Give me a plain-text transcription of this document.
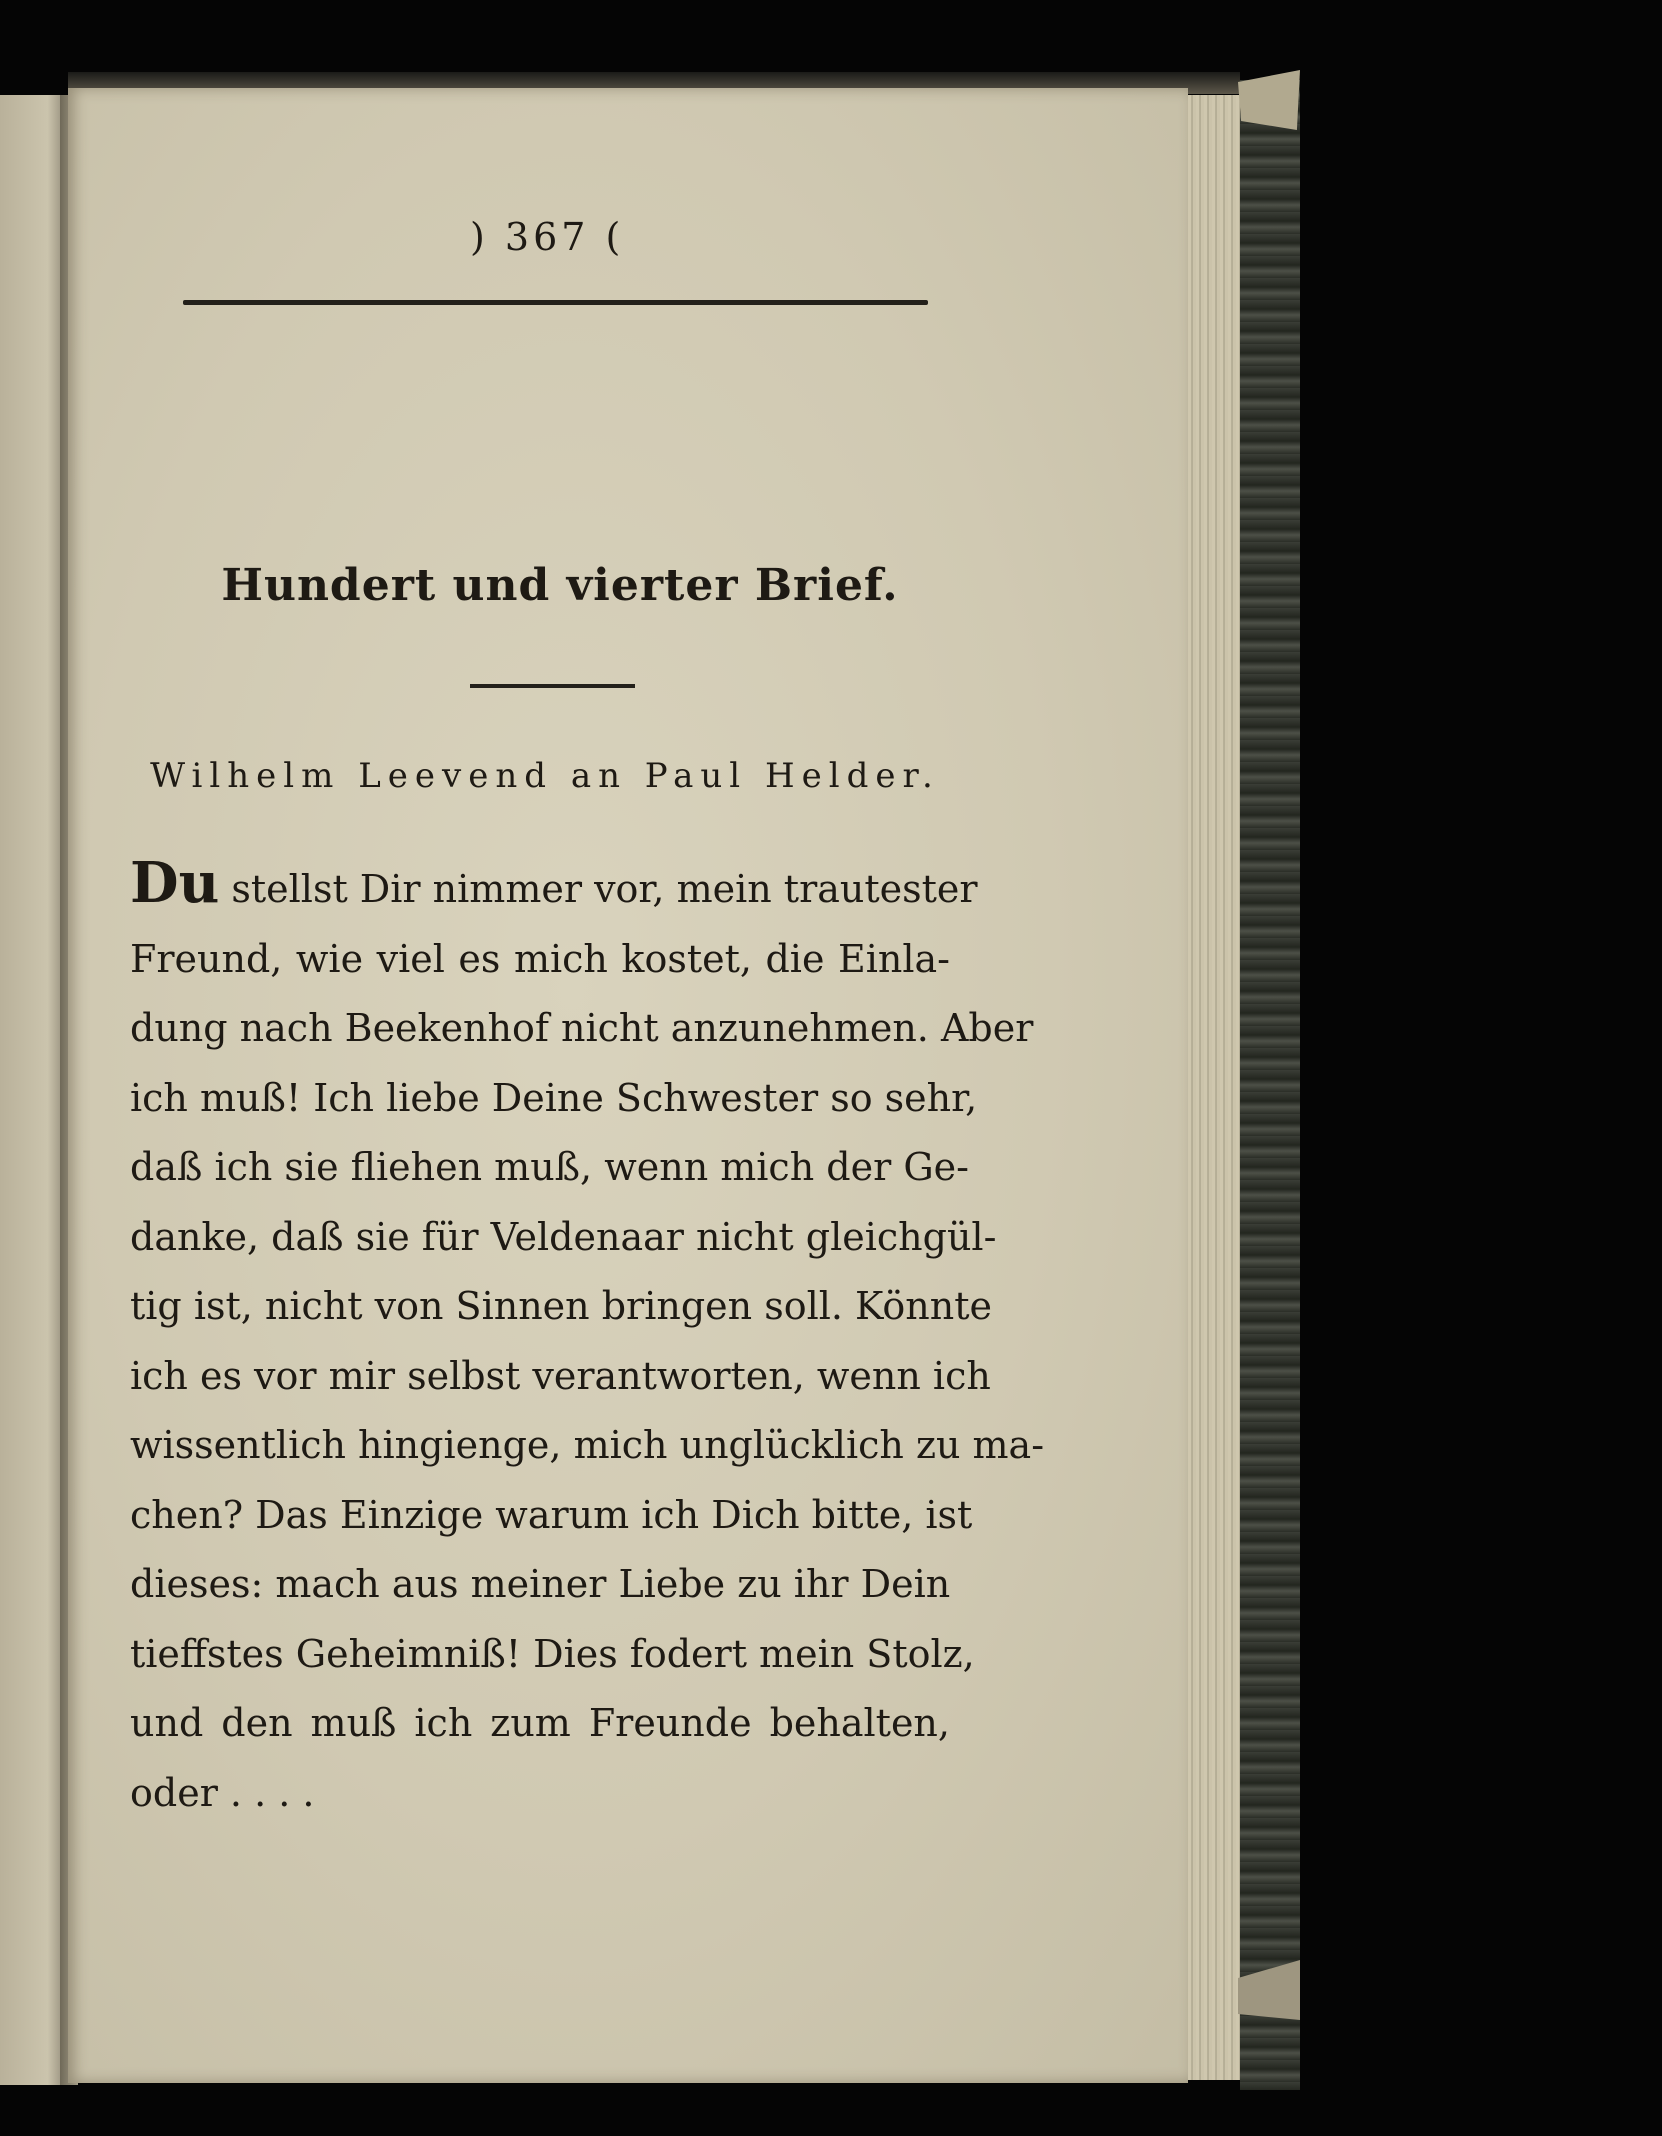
) 367 (
Hundert und vierter Brief.
Wilhelm Leevend an Paul Helder.

Du stellst Dir nimmer vor, mein trautester

Freund, wie viel es mich kostet, die Einla-

dung nach Beekenhof nicht anzunehmen. Aber

ich muß! Ich liebe Deine Schwester so sehr,

daß ich sie fliehen muß, wenn mich der Ge-

danke, daß sie für Veldenaar nicht gleichgül-

tig ist, nicht von Sinnen bringen soll. Könnte

ich es vor mir selbst verantworten, wenn ich

wissentlich hingienge, mich unglücklich zu ma-

chen? Das Einzige warum ich Dich bitte, ist

dieses: mach aus meiner Liebe zu ihr Dein

tieffstes Geheimniß! Dies fodert mein Stolz,

und den muß ich zum Freunde behalten,

oder . . . .
